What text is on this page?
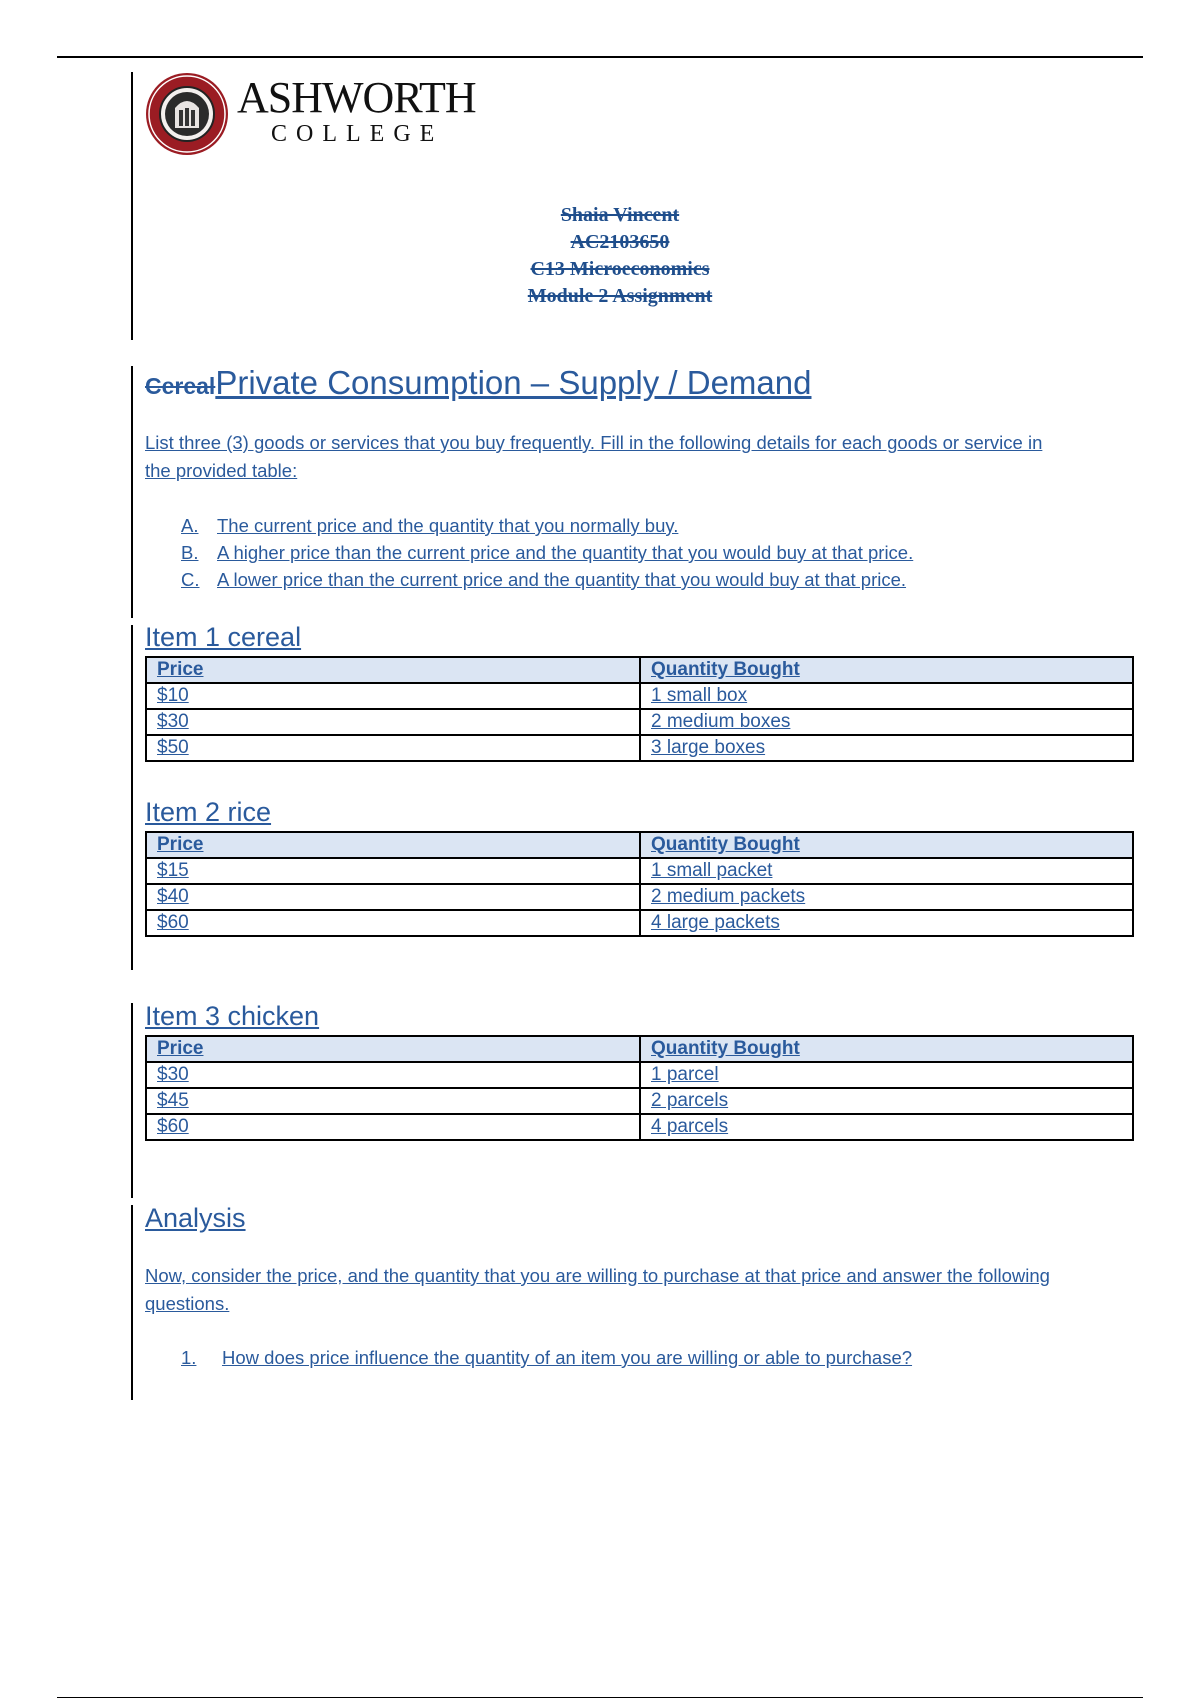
ASHWORTH
COLLEGE
Shaia Vincent
AC2103650
C13 Microeconomics
Module 2 Assignment
CerealPrivate Consumption – Supply / Demand
List three (3) goods or services that you buy frequently. Fill in the following details for each goods or service in the provided table:
A.	The current price and the quantity that you normally buy.
B.	A higher price than the current price and the quantity that you would buy at that price.
C. A lower price than the current price and the quantity that you would buy at that price.
Item 1 cereal
Price	Quantity Bought
$10	1 small box
$30	2 medium boxes
$50	3 large boxes
Item 2 rice
Price	Quantity Bought
$15	1 small packet
$40	2 medium packets
$60	4 large packets
Item 3 chicken
Price	Quantity Bought
$30	1 parcel
$45	2 parcels
$60	4 parcels
Analysis
Now, consider the price, and the quantity that you are willing to purchase at that price and answer the following questions.
1.	How does price influence the quantity of an item you are willing or able to purchase?
